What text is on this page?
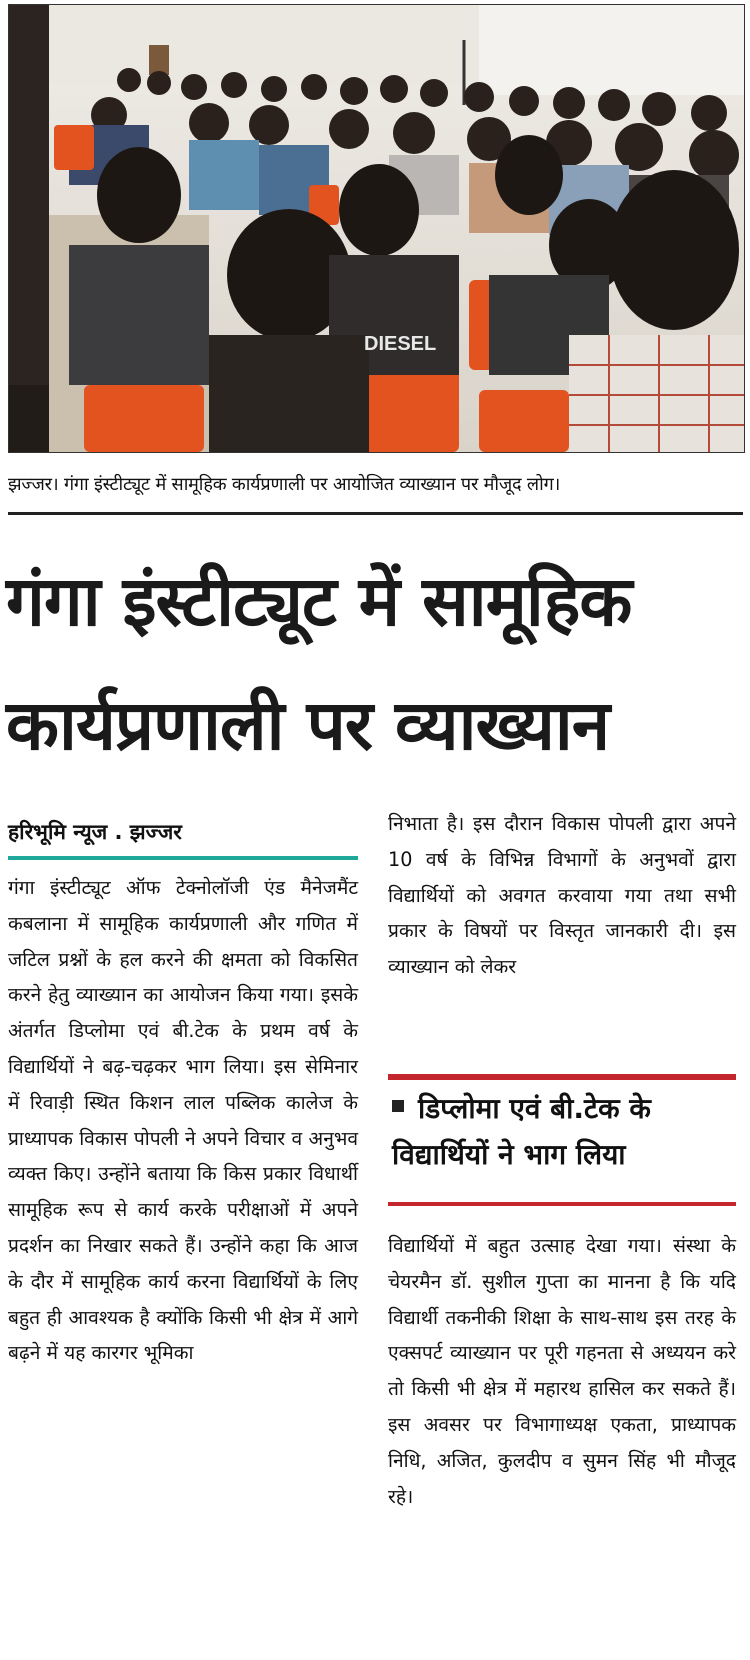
DIESEL
झज्जर। गंगा इंस्टीट्यूट में सामूहिक कार्यप्रणाली पर आयोजित व्याख्यान पर मौजूद लोग।
गंगा इंस्टीट्यूट में सामूहिक
कार्यप्रणाली पर व्याख्यान
हरिभूमि न्यूज . झज्जर
गंगा इंस्टीट्यूट ऑफ टेक्नोलॉजी एंड मैनेजमैंट कबलाना में सामूहिक कार्यप्रणाली और गणित में जटिल प्रश्नों के हल करने की क्षमता को विकसित करने हेतु व्याख्यान का आयोजन किया गया। इसके अंतर्गत डिप्लोमा एवं बी.टेक के प्रथम वर्ष के विद्यार्थियों ने बढ़-चढ़कर भाग लिया। इस सेमिनार में रिवाड़ी स्थित किशन लाल पब्लिक कालेज के प्राध्यापक विकास पोपली ने अपने विचार व अनुभव व्यक्त किए। उन्होंने बताया कि किस प्रकार विधार्थी सामूहिक रूप से कार्य करके परीक्षाओं में अपने प्रदर्शन का निखार सकते हैं। उन्होंने कहा कि आज के दौर में सामूहिक कार्य करना विद्यार्थियों के लिए बहुत ही आवश्यक है क्योंकि किसी भी क्षेत्र में आगे बढ़ने में यह कारगर भूमिका
निभाता है। इस दौरान विकास पोपली द्वारा अपने 10 वर्ष के विभिन्न विभागों के अनुभवों द्वारा विद्यार्थियों को अवगत करवाया गया तथा सभी प्रकार के विषयों पर विस्तृत जानकारी दी। इस व्याख्यान को लेकर
डिप्लोमा एवं बी.टेक के
विद्यार्थियों ने भाग लिया
विद्यार्थियों में बहुत उत्साह देखा गया। संस्था के चेयरमैन डॉ. सुशील गुप्ता का मानना है कि यदि विद्यार्थी तकनीकी शिक्षा के साथ-साथ इस तरह के एक्सपर्ट व्याख्यान पर पूरी गहनता से अध्ययन करे तो किसी भी क्षेत्र में महारथ हासिल कर सकते हैं। इस अवसर पर विभागाध्यक्ष एकता, प्राध्यापक निधि, अजित, कुलदीप व सुमन सिंह भी मौजूद रहे।
